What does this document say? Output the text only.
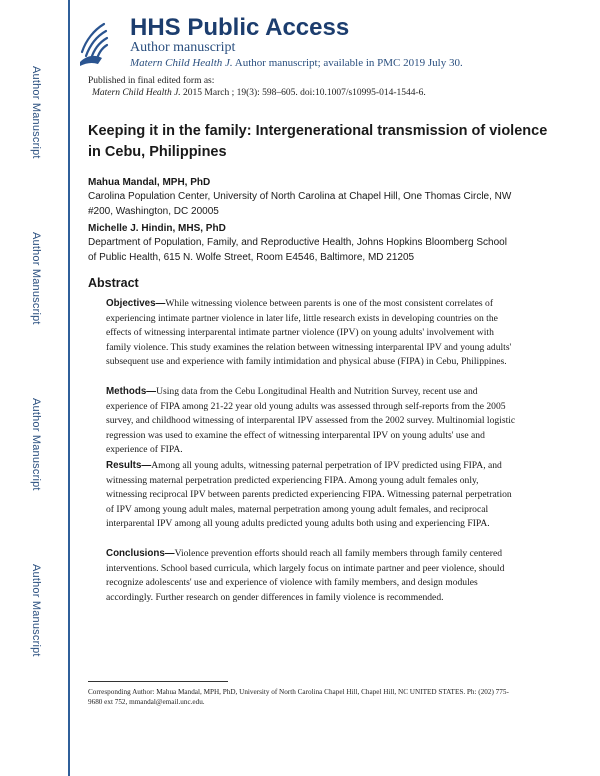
Author Manuscript
Author Manuscript
Author Manuscript
Author Manuscript
HHS Public Access
Author manuscript
Matern Child Health J. Author manuscript; available in PMC 2019 July 30.
Published in final edited form as:
Matern Child Health J. 2015 March ; 19(3): 598–605. doi:10.1007/s10995-014-1544-6.
Keeping it in the family: Intergenerational transmission of violence in Cebu, Philippines
Mahua Mandal, MPH, PhD
Carolina Population Center, University of North Carolina at Chapel Hill, One Thomas Circle, NW #200, Washington, DC 20005
Michelle J. Hindin, MHS, PhD
Department of Population, Family, and Reproductive Health, Johns Hopkins Bloomberg School of Public Health, 615 N. Wolfe Street, Room E4546, Baltimore, MD 21205
Abstract
Objectives—While witnessing violence between parents is one of the most consistent correlates of experiencing intimate partner violence in later life, little research exists in developing countries on the effects of witnessing interparental intimate partner violence (IPV) on young adults' involvement with family violence. This study examines the relation between witnessing interparental IPV and young adults' subsequent use and experience with family intimidation and physical abuse (FIPA) in Cebu, Philippines.
Methods—Using data from the Cebu Longitudinal Health and Nutrition Survey, recent use and experience of FIPA among 21-22 year old young adults was assessed through self-reports from the 2005 survey, and childhood witnessing of interparental IPV assessed from the 2002 survey. Multinomial logistic regression was used to examine the effect of witnessing interparental IPV on young adults' use and experience of FIPA.
Results—Among all young adults, witnessing paternal perpetration of IPV predicted using FIPA, and witnessing maternal perpetration predicted experiencing FIPA. Among young adult females only, witnessing reciprocal IPV between parents predicted experiencing FIPA. Witnessing paternal perpetration of IPV among young adult males, maternal perpetration among young adult females, and reciprocal interparental IPV among all young adults predicted young adults both using and experiencing FIPA.
Conclusions—Violence prevention efforts should reach all family members through family centered interventions. School based curricula, which largely focus on intimate partner and peer violence, should recognize adolescents' use and experience of violence with family members, and design modules accordingly. Further research on gender differences in family violence is recommended.
Corresponding Author: Mahua Mandal, MPH, PhD, University of North Carolina Chapel Hill, Chapel Hill, NC UNITED STATES. Ph: (202) 775-9680 ext 752, mmandal@email.unc.edu.
